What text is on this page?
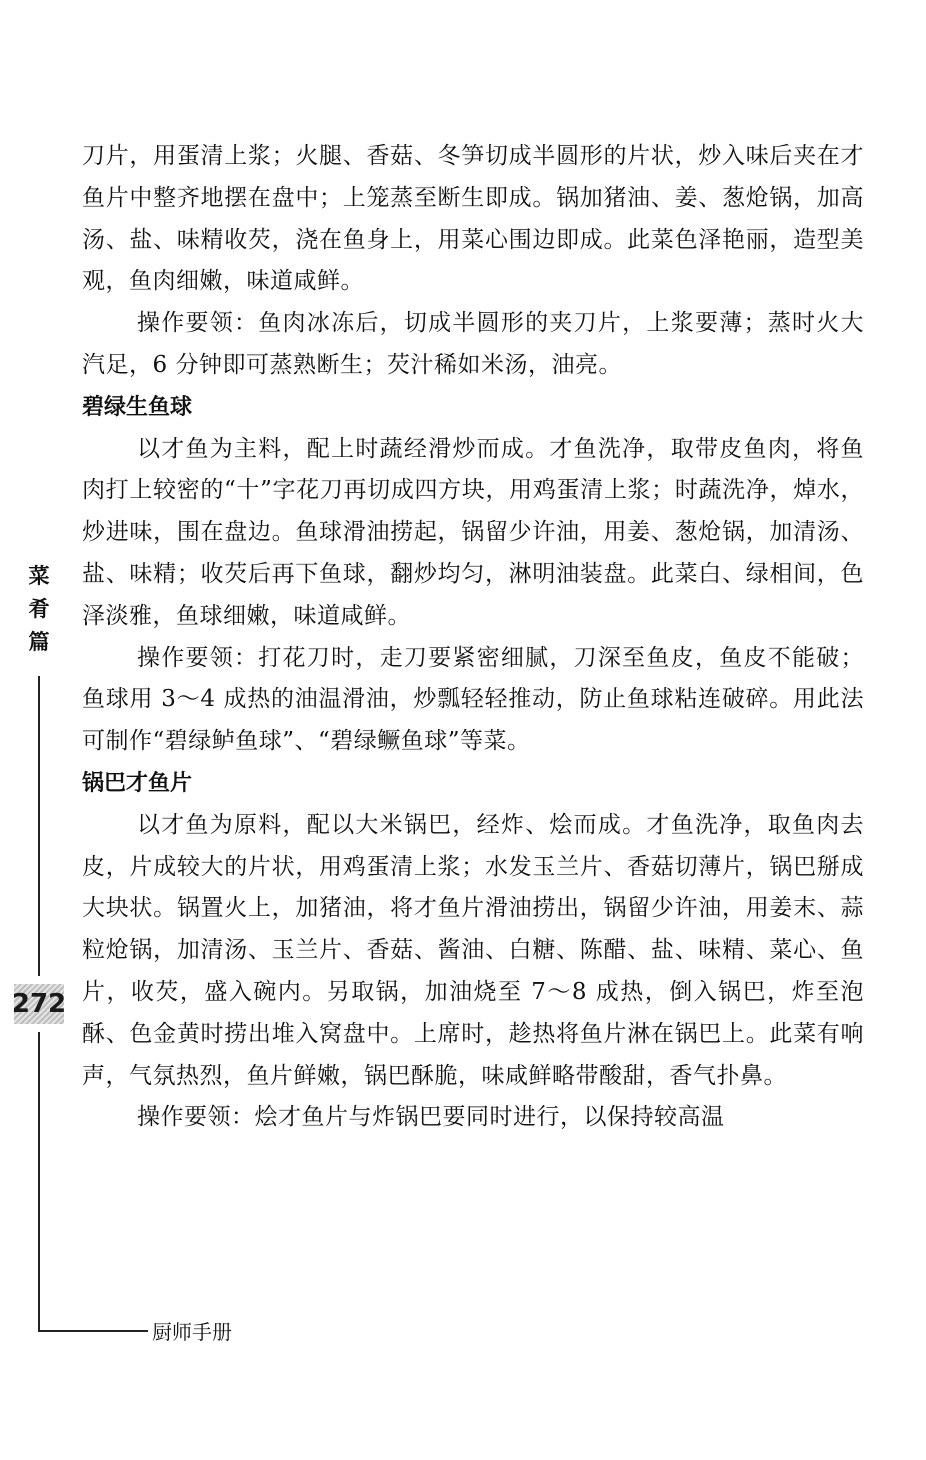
菜
肴
篇
272

刀片，用蛋清上浆；火腿、香菇、冬笋切成半圆形的片状，炒入味后夹在才鱼片中整齐地摆在盘中；上笼蒸至断生即成。锅加猪油、姜、葱炝锅，加高汤、盐、味精收芡，浇在鱼身上，用菜心围边即成。此菜色泽艳丽，造型美观，鱼肉细嫩，味道咸鲜。

操作要领：鱼肉冰冻后，切成半圆形的夹刀片，上浆要薄；蒸时火大汽足，6 分钟即可蒸熟断生；芡汁稀如米汤，油亮。

碧绿生鱼球

以才鱼为主料，配上时蔬经滑炒而成。才鱼洗净，取带皮鱼肉，将鱼肉打上较密的“十”字花刀再切成四方块，用鸡蛋清上浆；时蔬洗净，焯水，炒进味，围在盘边。鱼球滑油捞起，锅留少许油，用姜、葱炝锅，加清汤、盐、味精；收芡后再下鱼球，翻炒均匀，淋明油装盘。此菜白、绿相间，色泽淡雅，鱼球细嫩，味道咸鲜。

操作要领：打花刀时，走刀要紧密细腻，刀深至鱼皮，鱼皮不能破；鱼球用 3～4 成热的油温滑油，炒瓢轻轻推动，防止鱼球粘连破碎。用此法可制作“碧绿鲈鱼球”、“碧绿鳜鱼球”等菜。

锅巴才鱼片

以才鱼为原料，配以大米锅巴，经炸、烩而成。才鱼洗净，取鱼肉去皮，片成较大的片状，用鸡蛋清上浆；水发玉兰片、香菇切薄片，锅巴掰成大块状。锅置火上，加猪油，将才鱼片滑油捞出，锅留少许油，用姜末、蒜粒炝锅，加清汤、玉兰片、香菇、酱油、白糖、陈醋、盐、味精、菜心、鱼片，收芡，盛入碗内。另取锅，加油烧至 7～8 成热，倒入锅巴，炸至泡酥、色金黄时捞出堆入窝盘中。上席时，趁热将鱼片淋在锅巴上。此菜有响声，气氛热烈，鱼片鲜嫩，锅巴酥脆，味咸鲜略带酸甜，香气扑鼻。

操作要领：烩才鱼片与炸锅巴要同时进行，以保持较高温

厨师手册
